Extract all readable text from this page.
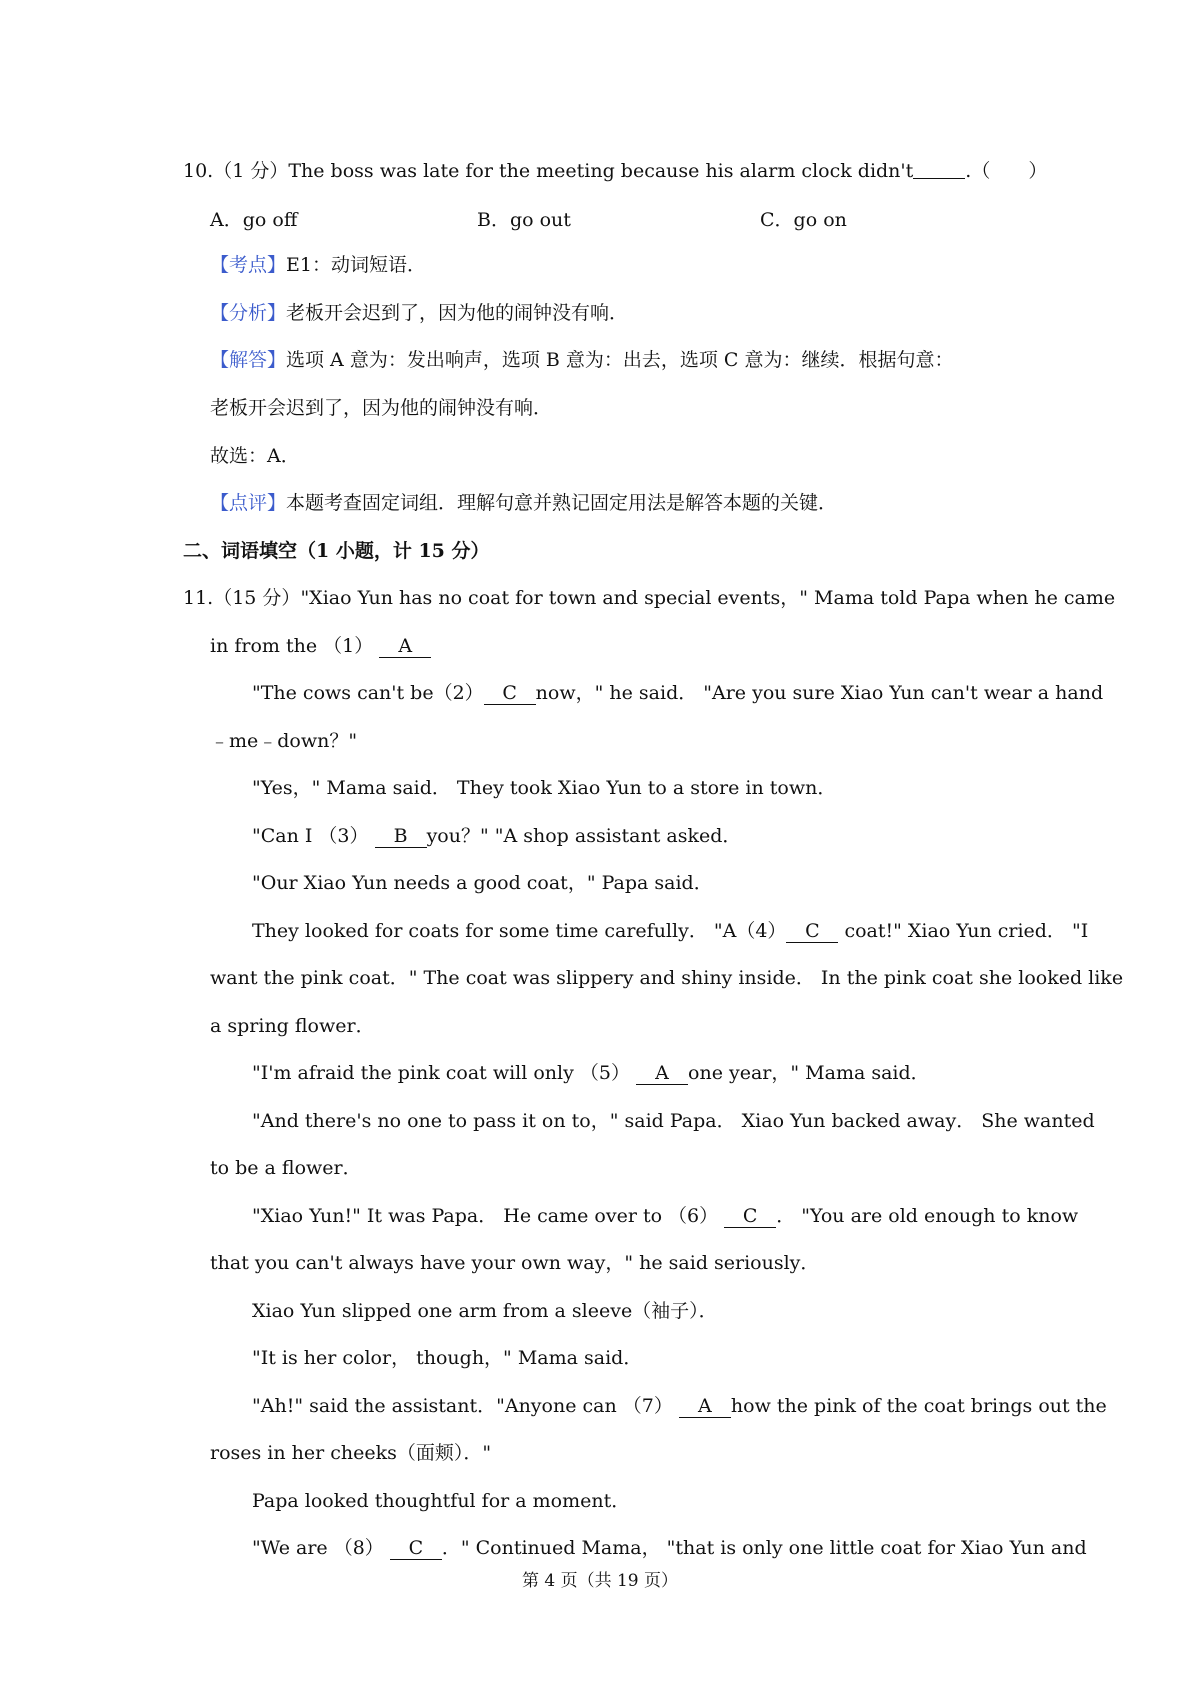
10.（1 分）The boss was late for the meeting because his alarm clock didn't	.（　　）
A．go off	B．go out	C．go on
【考点】E1：动词短语．
【分析】老板开会迟到了，因为他的闹钟没有响．
【解答】选项 A 意为：发出响声，选项 B 意为：出去，选项 C 意为：继续．根据句意：
老板开会迟到了，因为他的闹钟没有响．
故选：A．
【点评】本题考查固定词组．理解句意并熟记固定用法是解答本题的关键．
二、词语填空（1 小题，计 15 分）
11.（15 分）"Xiao Yun has no coat for town and special events，" Mama told Papa when he came
in from the （1） A
"The cows can't be（2） C now，" he said． "Are you sure Xiao Yun can't wear a hand
﹣me﹣down？"
"Yes，" Mama said． They took Xiao Yun to a store in town．
"Can I （3） B you？" "A shop assistant asked．
"Our Xiao Yun needs a good coat，" Papa said．
They looked for coats for some time carefully． "A（4） C coat!" Xiao Yun cried． "I
want the pink coat．" The coat was slippery and shiny inside． In the pink coat she looked like
a spring flower．
"I'm afraid the pink coat will only （5） A one year，" Mama said．
"And there's no one to pass it on to，" said Papa． Xiao Yun backed away． She wanted
to be a flower．
"Xiao Yun!" It was Papa． He came over to （6） C ． "You are old enough to know
that you can't always have your own way，" he said seriously．
Xiao Yun slipped one arm from a sleeve（袖子）．
"It is her color， though，" Mama said．
"Ah!" said the assistant．"Anyone can （7） A how the pink of the coat brings out the
roses in her cheeks（面颊）．"
Papa looked thoughtful for a moment．
"We are （8） C ．" Continued Mama， "that is only one little coat for Xiao Yun and
第 4 页（共 19 页）
